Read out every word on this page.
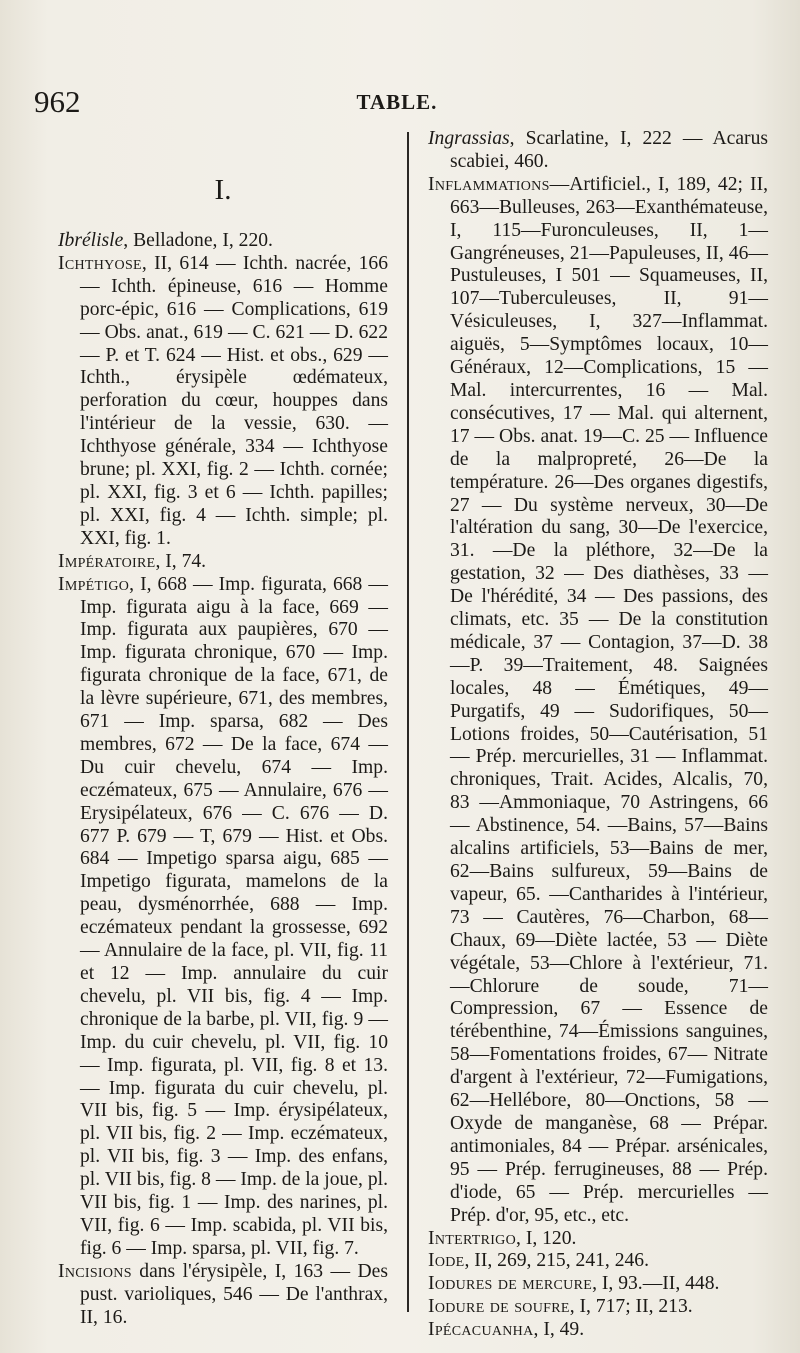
962	TABLE.
I.

Ibrélisle, Belladone, I, 220.

Ichthyose, II, 614 — Ichth. nacrée, 166 — Ichth. épineuse, 616 — Homme porc-épic, 616 — Complications, 619 — Obs. anat., 619 — C. 621 — D. 622 — P. et T. 624 — Hist. et obs., 629 — Ichth., érysipèle œdémateux, perforation du cœur, houppes dans l'intérieur de la vessie, 630. — Ichthyose générale, 334 — Ichthyose brune; pl. XXI, fig. 2 — Ichth. cornée; pl. XXI, fig. 3 et 6 — Ichth. papilles; pl. XXI, fig. 4 — Ichth. simple; pl. XXI, fig. 1.

Impératoire, I, 74.

Impétigo, I, 668 — Imp. figurata, 668 — Imp. figurata aigu à la face, 669 — Imp. figurata aux paupières, 670 — Imp. figurata chronique, 670 — Imp. figurata chronique de la face, 671, de la lèvre supérieure, 671, des membres, 671 — Imp. sparsa, 682 — Des membres, 672 — De la face, 674 — Du cuir chevelu, 674 — Imp. eczémateux, 675 — Annulaire, 676 — Erysipélateux, 676 — C. 676 — D. 677 P. 679 — T, 679 — Hist. et Obs. 684 — Impetigo sparsa aigu, 685 — Impetigo figurata, mamelons de la peau, dysménorrhée, 688 — Imp. eczémateux pendant la grossesse, 692 — Annulaire de la face, pl. VII, fig. 11 et 12 — Imp. annulaire du cuir chevelu, pl. VII bis, fig. 4 — Imp. chronique de la barbe, pl. VII, fig. 9 — Imp. du cuir chevelu, pl. VII, fig. 10 — Imp. figurata, pl. VII, fig. 8 et 13. — Imp. figurata du cuir chevelu, pl. VII bis, fig. 5 — Imp. érysipélateux, pl. VII bis, fig. 2 — Imp. eczémateux, pl. VII bis, fig. 3 — Imp. des enfans, pl. VII bis, fig. 8 — Imp. de la joue, pl. VII bis, fig. 1 — Imp. des narines, pl. VII, fig. 6 — Imp. scabida, pl. VII bis, fig. 6 — Imp. sparsa, pl. VII, fig. 7.

Incisions dans l'érysipèle, I, 163 — Des pust. varioliques, 546 — De l'anthrax, II, 16.

Ingrassias, Scarlatine, I, 222 — Acarus scabiei, 460.

Inflammations—Artificiel., I, 189, 42; II, 663—Bulleuses, 263—Exanthémateuse, I, 115—Furonculeuses, II, 1—Gangréneuses, 21—Papuleuses, II, 46—Pustuleuses, I 501 — Squameuses, II, 107—Tuberculeuses, II, 91—Vésiculeuses, I, 327—Inflammat. aiguës, 5—Symptômes locaux, 10—Généraux, 12—Complications, 15 — Mal. intercurrentes, 16 — Mal. consécutives, 17 — Mal. qui alternent, 17 — Obs. anat. 19—C. 25 — Influence de la malpropreté, 26—De la température. 26—Des organes digestifs, 27 — Du système nerveux, 30—De l'altération du sang, 30—De l'exercice, 31. —De la pléthore, 32—De la gestation, 32 — Des diathèses, 33 — De l'hérédité, 34 — Des passions, des climats, etc. 35 — De la constitution médicale, 37 — Contagion, 37—D. 38—P. 39—Traitement, 48. Saignées locales, 48 — Émétiques, 49—Purgatifs, 49 — Sudorifiques, 50—Lotions froides, 50—Cautérisation, 51 — Prép. mercurielles, 31 — Inflammat. chroniques, Trait. Acides, Alcalis, 70, 83 —Ammoniaque, 70 Astringens, 66 — Abstinence, 54. —Bains, 57—Bains alcalins artificiels, 53—Bains de mer, 62—Bains sulfureux, 59—Bains de vapeur, 65. —Cantharides à l'intérieur, 73 — Cautères, 76—Charbon, 68—Chaux, 69—Diète lactée, 53 — Diète végétale, 53—Chlore à l'extérieur, 71. —Chlorure de soude, 71—Compression, 67 — Essence de térébenthine, 74—Émissions sanguines, 58—Fomentations froides, 67— Nitrate d'argent à l'extérieur, 72—Fumigations, 62—Hellébore, 80—Onctions, 58 — Oxyde de manganèse, 68 — Prépar. antimoniales, 84 — Prépar. arsénicales, 95 — Prép. ferrugineuses, 88 — Prép. d'iode, 65 — Prép. mercurielles — Prép. d'or, 95, etc., etc.

Intertrigo, I, 120.

Iode, II, 269, 215, 241, 246.

Iodures de mercure, I, 93.—II, 448.

Iodure de soufre, I, 717; II, 213.

Ipécacuanha, I, 49.
